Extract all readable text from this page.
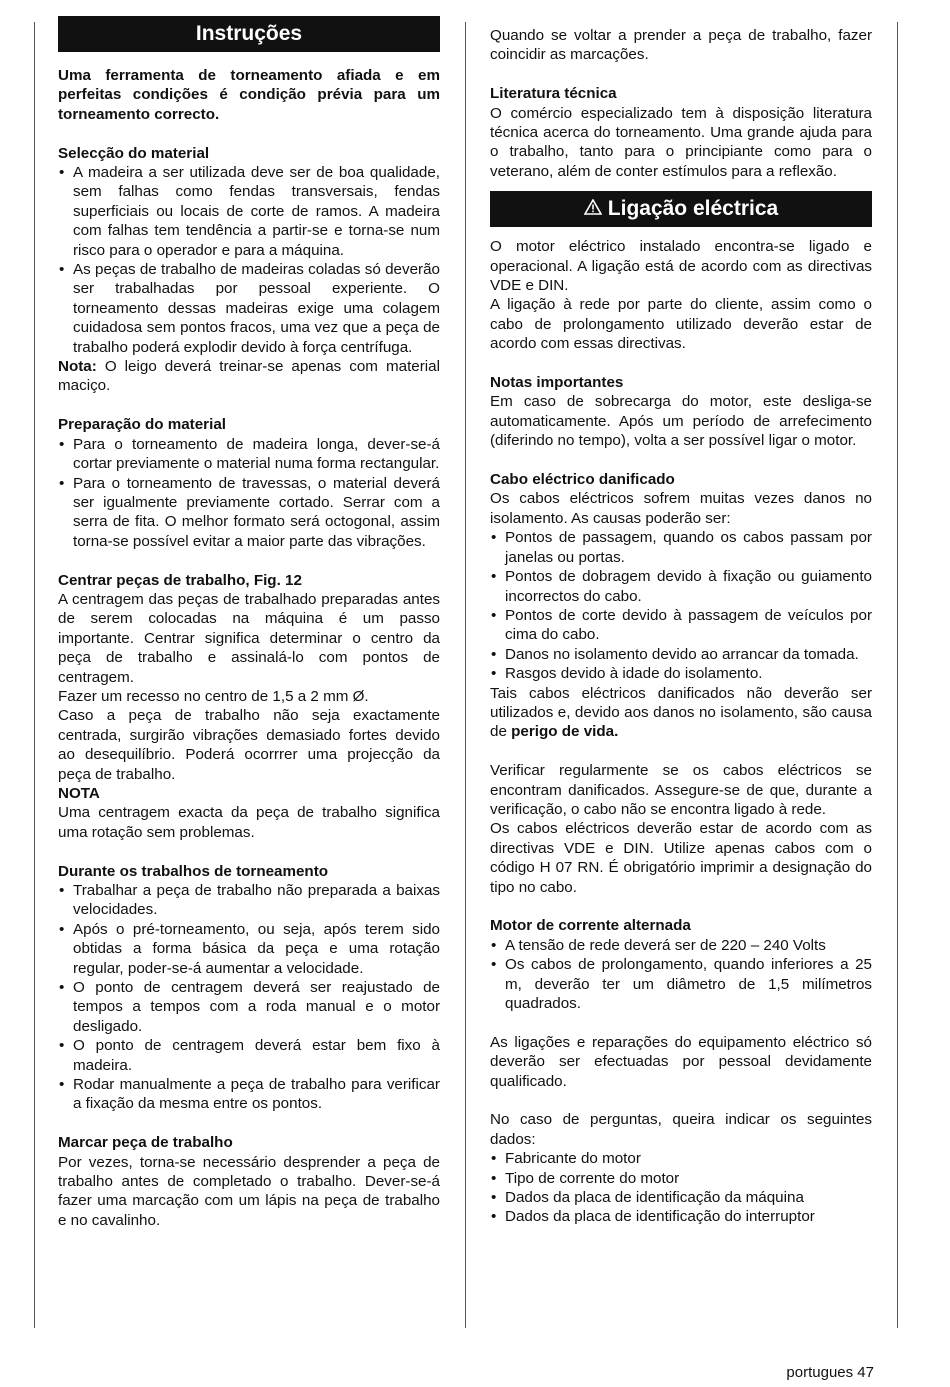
Instruções

Uma ferramenta de torneamento afiada e em perfeitas condições é condição prévia para um torneamento correcto.

Selecção do material

• A madeira a ser utilizada deve ser de boa qualidade, sem falhas como fendas transversais, fendas superficiais ou locais de corte de ramos. A madeira com falhas tem tendência a partir-se e torna-se num risco para o operador e para a máquina.
• As peças de trabalho de madeiras coladas só deverão ser trabalhadas por pessoal experiente. O torneamento dessas madeiras exige uma colagem cuidadosa sem pontos fracos, uma vez que a peça de trabalho poderá explodir devido à força centrífuga.

Nota: O leigo deverá treinar-se apenas com material maciço.

Preparação do material

• Para o torneamento de madeira longa, dever-se-á cortar previamente o material numa forma rectangular.
• Para o torneamento de travessas, o material deverá ser igualmente previamente cortado. Serrar com a serra de fita. O melhor formato será octogonal, assim torna-se possível evitar a maior parte das vibrações.

Centrar peças de trabalho, Fig. 12

A centragem das peças de trabalhado preparadas antes de serem colocadas na máquina é um passo importante. Centrar significa determinar o centro da peça de trabalho e assinalá-lo com pontos de centragem.

Fazer um recesso no centro de 1,5 a 2 mm Ø.

Caso a peça de trabalho não seja exactamente centrada, surgirão vibrações demasiado fortes devido ao desequilíbrio. Poderá ocorrrer uma projecção da peça de trabalho.

NOTA

Uma centragem exacta da peça de trabalho significa uma rotação sem problemas.

Durante os trabalhos de torneamento

• Trabalhar a peça de trabalho não preparada a baixas velocidades.
• Após o pré-torneamento, ou seja, após terem sido obtidas a forma básica da peça e uma rotação regular, poder-se-á aumentar a velocidade.
• O ponto de centragem deverá ser reajustado de tempos a tempos com a roda manual e o motor desligado.
• O ponto de centragem deverá estar bem fixo à madeira.
• Rodar manualmente a peça de trabalho para verificar a fixação da mesma entre os pontos.

Marcar peça de trabalho

Por vezes, torna-se necessário desprender a peça de trabalho antes de completado o trabalho. Dever-se-á fazer uma marcação com um lápis na peça de trabalho e no cavalinho.

Quando se voltar a prender a peça de trabalho, fazer coincidir as marcações.

Literatura técnica

O comércio especializado tem à disposição literatura técnica acerca do torneamento. Uma grande ajuda para o trabalho, tanto para o principiante como para o veterano, além de conter estímulos para a reflexão.

Ligação eléctrica

O motor eléctrico instalado encontra-se ligado e operacional. A ligação está de acordo com as directivas VDE e DIN.

A ligação à rede por parte do cliente, assim como o cabo de prolongamento utilizado deverão estar de acordo com essas directivas.

Notas importantes

Em caso de sobrecarga do motor, este desliga-se automaticamente. Após um período de arrefecimento (diferindo no tempo), volta a ser possível ligar o motor.

Cabo eléctrico danificado

Os cabos eléctricos sofrem muitas vezes danos no isolamento. As causas poderão ser:

• Pontos de passagem, quando os cabos passam por janelas ou portas.
• Pontos de dobragem devido à fixação ou guiamento incorrectos do cabo.
• Pontos de corte devido à passagem de veículos por cima do cabo.
• Danos no isolamento devido ao arrancar da tomada.
• Rasgos devido à idade do isolamento.

Tais cabos eléctricos danificados não deverão ser utilizados e, devido aos danos no isolamento, são causa de perigo de vida.

Verificar regularmente se os cabos eléctricos se encontram danificados. Assegure-se de que, durante a verificação, o cabo não se encontra ligado à rede.

Os cabos eléctricos deverão estar de acordo com as directivas VDE e DIN. Utilize apenas cabos com o código H 07 RN. É obrigatório imprimir a designação do tipo no cabo.

Motor de corrente alternada

• A tensão de rede deverá ser de 220 – 240 Volts
• Os cabos de prolongamento, quando inferiores a 25 m, deverão ter um diâmetro de 1,5 milímetros quadrados.

As ligações e reparações do equipamento eléctrico só deverão ser efectuadas por pessoal devidamente qualificado.

No caso de perguntas, queira indicar os seguintes dados:

• Fabricante do motor
• Tipo de corrente do motor
• Dados da placa de identificação da máquina
• Dados da placa de identificação do interruptor
portugues 47
